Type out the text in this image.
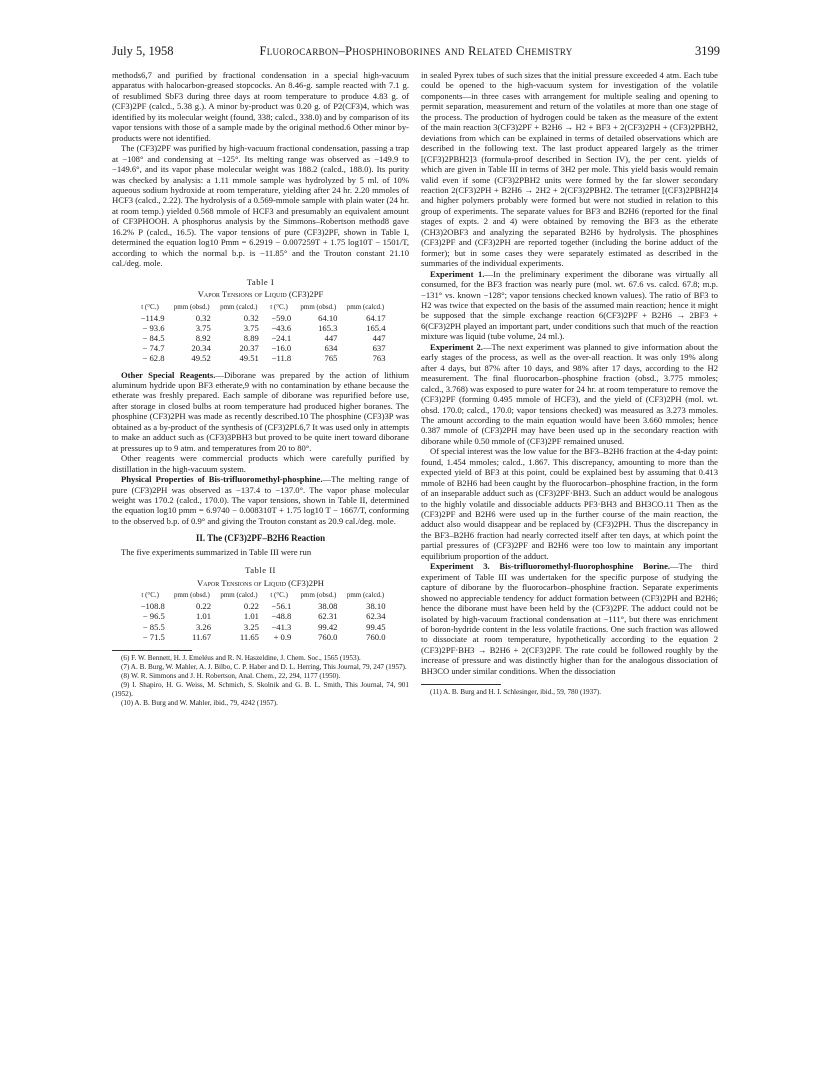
July 5, 1958	Fluorocarbon–Phosphinoborines and Related Chemistry	3199

methods6,7 and purified by fractional condensation in a special high-vacuum apparatus with halocarbon-greased stopcocks. An 8.46-g. sample reacted with 7.1 g. of resublimed SbF3 during three days at room temperature to produce 4.83 g. of (CF3)2PF (calcd., 5.38 g.). A minor by-product was 0.20 g. of P2(CF3)4, which was identified by its molecular weight (found, 338; calcd., 338.0) and by comparison of its vapor tensions with those of a sample made by the original method.6 Other minor by-products were not identified.

The (CF3)2PF was purified by high-vacuum fractional condensation, passing a trap at −108° and condensing at −125°. Its melting range was observed as −149.9 to −149.6°, and its vapor phase molecular weight was 188.2 (calcd., 188.0). Its purity was checked by analysis: a 1.11 mmole sample was hydrolyzed by 5 ml. of 10% aqueous sodium hydroxide at room temperature, yielding after 24 hr. 2.20 mmoles of HCF3 (calcd., 2.22). The hydrolysis of a 0.569-mmole sample with plain water (24 hr. at room temp.) yielded 0.568 mmole of HCF3 and presumably an equivalent amount of CF3PHOOH. A phosphorus analysis by the Simmons–Robertson method8 gave 16.2% P (calcd., 16.5). The vapor tensions of pure (CF3)2PF, shown in Table I, determined the equation log10 Pmm = 6.2919 − 0.007259T + 1.75 log10T − 1501/T, according to which the normal b.p. is −11.85° and the Trouton constant 21.10 cal./deg. mole.

Table I
Vapor Tensions of Liquid (CF3)2PF
t (°C.)	pmm (obsd.)	pmm (calcd.)	t (°C.)	pmm (obsd.)	pmm (calcd.)
−114.9	0.32	0.32	−59.0	64.10	64.17
− 93.6	3.75	3.75	−43.6	165.3	165.4
− 84.5	8.92	8.89	−24.1	447	447
− 74.7	20.34	20.37	−16.0	634	637
− 62.8	49.52	49.51	−11.8	765	763

Other Special Reagents.—Diborane was prepared by the action of lithium aluminum hydride upon BF3 etherate,9 with no contamination by ethane because the etherate was freshly prepared. Each sample of diborane was repurified before use, after storage in closed bulbs at room temperature had produced higher boranes. The phosphine (CF3)2PH was made as recently described.10 The phosphine (CF3)3P was obtained as a by-product of the synthesis of (CF3)2PI.6,7 It was used only in attempts to make an adduct such as (CF3)3PBH3 but proved to be quite inert toward diborane at pressures up to 9 atm. and temperatures from 20 to 80°.

Other reagents were commercial products which were carefully purified by distillation in the high-vacuum system.

Physical Properties of Bis-trifluoromethyl-phosphine.—The melting range of pure (CF3)2PH was observed as −137.4 to −137.0°. The vapor phase molecular weight was 170.2 (calcd., 170.0). The vapor tensions, shown in Table II, determined the equation log10 pmm = 6.9740 − 0.008310T + 1.75 log10 T − 1667/T, conforming to the observed b.p. of 0.9° and giving the Trouton constant as 20.9 cal./deg. mole.

II. The (CF3)2PF–B2H6 Reaction

The five experiments summarized in Table III were run

Table II
Vapor Tensions of Liquid (CF3)2PH
t (°C.)	pmm (obsd.)	pmm (calcd.)	t (°C.)	pmm (obsd.)	pmm (calcd.)
−108.8	0.22	0.22	−56.1	38.08	38.10
− 96.5	1.01	1.01	−48.8	62.31	62.34
− 85.5	3.26	3.25	−41.3	99.42	99.45
− 71.5	11.67	11.65	+ 0.9	760.0	760.0

(6) F. W. Bennett, H. J. Emeléus and R. N. Haszeldine, J. Chem. Soc., 1565 (1953).

(7) A. B. Burg, W. Mahler, A. J. Bilbo, C. P. Haber and D. L. Herring, This Journal, 79, 247 (1957).

(8) W. R. Simmons and J. H. Robertson, Anal. Chem., 22, 294, 1177 (1950).

(9) I. Shapiro, H. G. Weiss, M. Schmich, S. Skolnik and G. B. L. Smith, This Journal, 74, 901 (1952).

(10) A. B. Burg and W. Mahler, ibid., 79, 4242 (1957).

in sealed Pyrex tubes of such sizes that the initial pressure exceeded 4 atm. Each tube could be opened to the high-vacuum system for investigation of the volatile components—in three cases with arrangement for multiple sealing and opening to permit separation, measurement and return of the volatiles at more than one stage of the process. The production of hydrogen could be taken as the measure of the extent of the main reaction 3(CF3)2PF + B2H6 → H2 + BF3 + 2(CF3)2PH + (CF3)2PBH2, deviations from which can be explained in terms of detailed observations which are described in the following text. The last product appeared largely as the trimer [(CF3)2PBH2]3 (formula-proof described in Section IV), the per cent. yields of which are given in Table III in terms of 3H2 per mole. This yield basis would remain valid even if some (CF3)2PBH2 units were formed by the far slower secondary reaction 2(CF3)2PH + B2H6 → 2H2 + 2(CF3)2PBH2. The tetramer [(CF3)2PBH2]4 and higher polymers probably were formed but were not studied in relation to this group of experiments. The separate values for BF3 and B2H6 (reported for the final stages of expts. 2 and 4) were obtained by removing the BF3 as the etherate (CH3)2OBF3 and analyzing the separated B2H6 by hydrolysis. The phosphines (CF3)2PF and (CF3)2PH are reported together (including the borine adduct of the former); but in some cases they were separately estimated as described in the summaries of the individual experiments.

Experiment 1.—In the preliminary experiment the diborane was virtually all consumed, for the BF3 fraction was nearly pure (mol. wt. 67.6 vs. calcd. 67.8; m.p. −131° vs. known −128°; vapor tensions checked known values). The ratio of BF3 to H2 was twice that expected on the basis of the assumed main reaction; hence it might be supposed that the simple exchange reaction 6(CF3)2PF + B2H6 → 2BF3 + 6(CF3)2PH played an important part, under conditions such that much of the reaction mixture was liquid (tube volume, 24 ml.).

Experiment 2.—The next experiment was planned to give information about the early stages of the process, as well as the over-all reaction. It was only 19% along after 4 days, but 87% after 10 days, and 98% after 17 days, according to the H2 measurement. The final fluorocarbon–phosphine fraction (obsd., 3.775 mmoles; calcd., 3.768) was exposed to pure water for 24 hr. at room temperature to remove the (CF3)2PF (forming 0.495 mmole of HCF3), and the yield of (CF3)2PH (mol. wt. obsd. 170.0; calcd., 170.0; vapor tensions checked) was measured as 3.273 mmoles. The amount according to the main equation would have been 3.660 mmoles; hence 0.387 mmole of (CF3)2PH may have been used up in the secondary reaction with diborane while 0.50 mmole of (CF3)2PF remained unused.

Of special interest was the low value for the BF3–B2H6 fraction at the 4-day point: found, 1.454 mmoles; calcd., 1.867. This discrepancy, amounting to more than the expected yield of BF3 at this point, could be explained best by assuming that 0.413 mmole of B2H6 had been caught by the fluorocarbon–phosphine fraction, in the form of an inseparable adduct such as (CF3)2PF·BH3. Such an adduct would be analogous to the highly volatile and dissociable adducts PF3·BH3 and BH3CO.11 Then as the (CF3)2PF and B2H6 were used up in the further course of the main reaction, the adduct also would disappear and be replaced by (CF3)2PH. Thus the discrepancy in the BF3–B2H6 fraction had nearly corrected itself after ten days, at which point the partial pressures of (CF3)2PF and B2H6 were too low to maintain any important equilibrium proportion of the adduct.

Experiment 3. Bis-trifluoromethyl-fluorophosphine Borine.—The third experiment of Table III was undertaken for the specific purpose of studying the capture of diborane by the fluorocarbon–phosphine fraction. Separate experiments showed no appreciable tendency for adduct formation between (CF3)2PH and B2H6; hence the diborane must have been held by the (CF3)2PF. The adduct could not be isolated by high-vacuum fractional condensation at −111°, but there was enrichment of boron-hydride content in the less volatile fractions. One such fraction was allowed to dissociate at room temperature, hypothetically according to the equation 2 (CF3)2PF·BH3 → B2H6 + 2(CF3)2PF. The rate could be followed roughly by the increase of pressure and was distinctly higher than for the analogous dissociation of BH3CO under similar conditions. When the dissociation

(11) A. B. Burg and H. I. Schlesinger, ibid., 59, 780 (1937).
